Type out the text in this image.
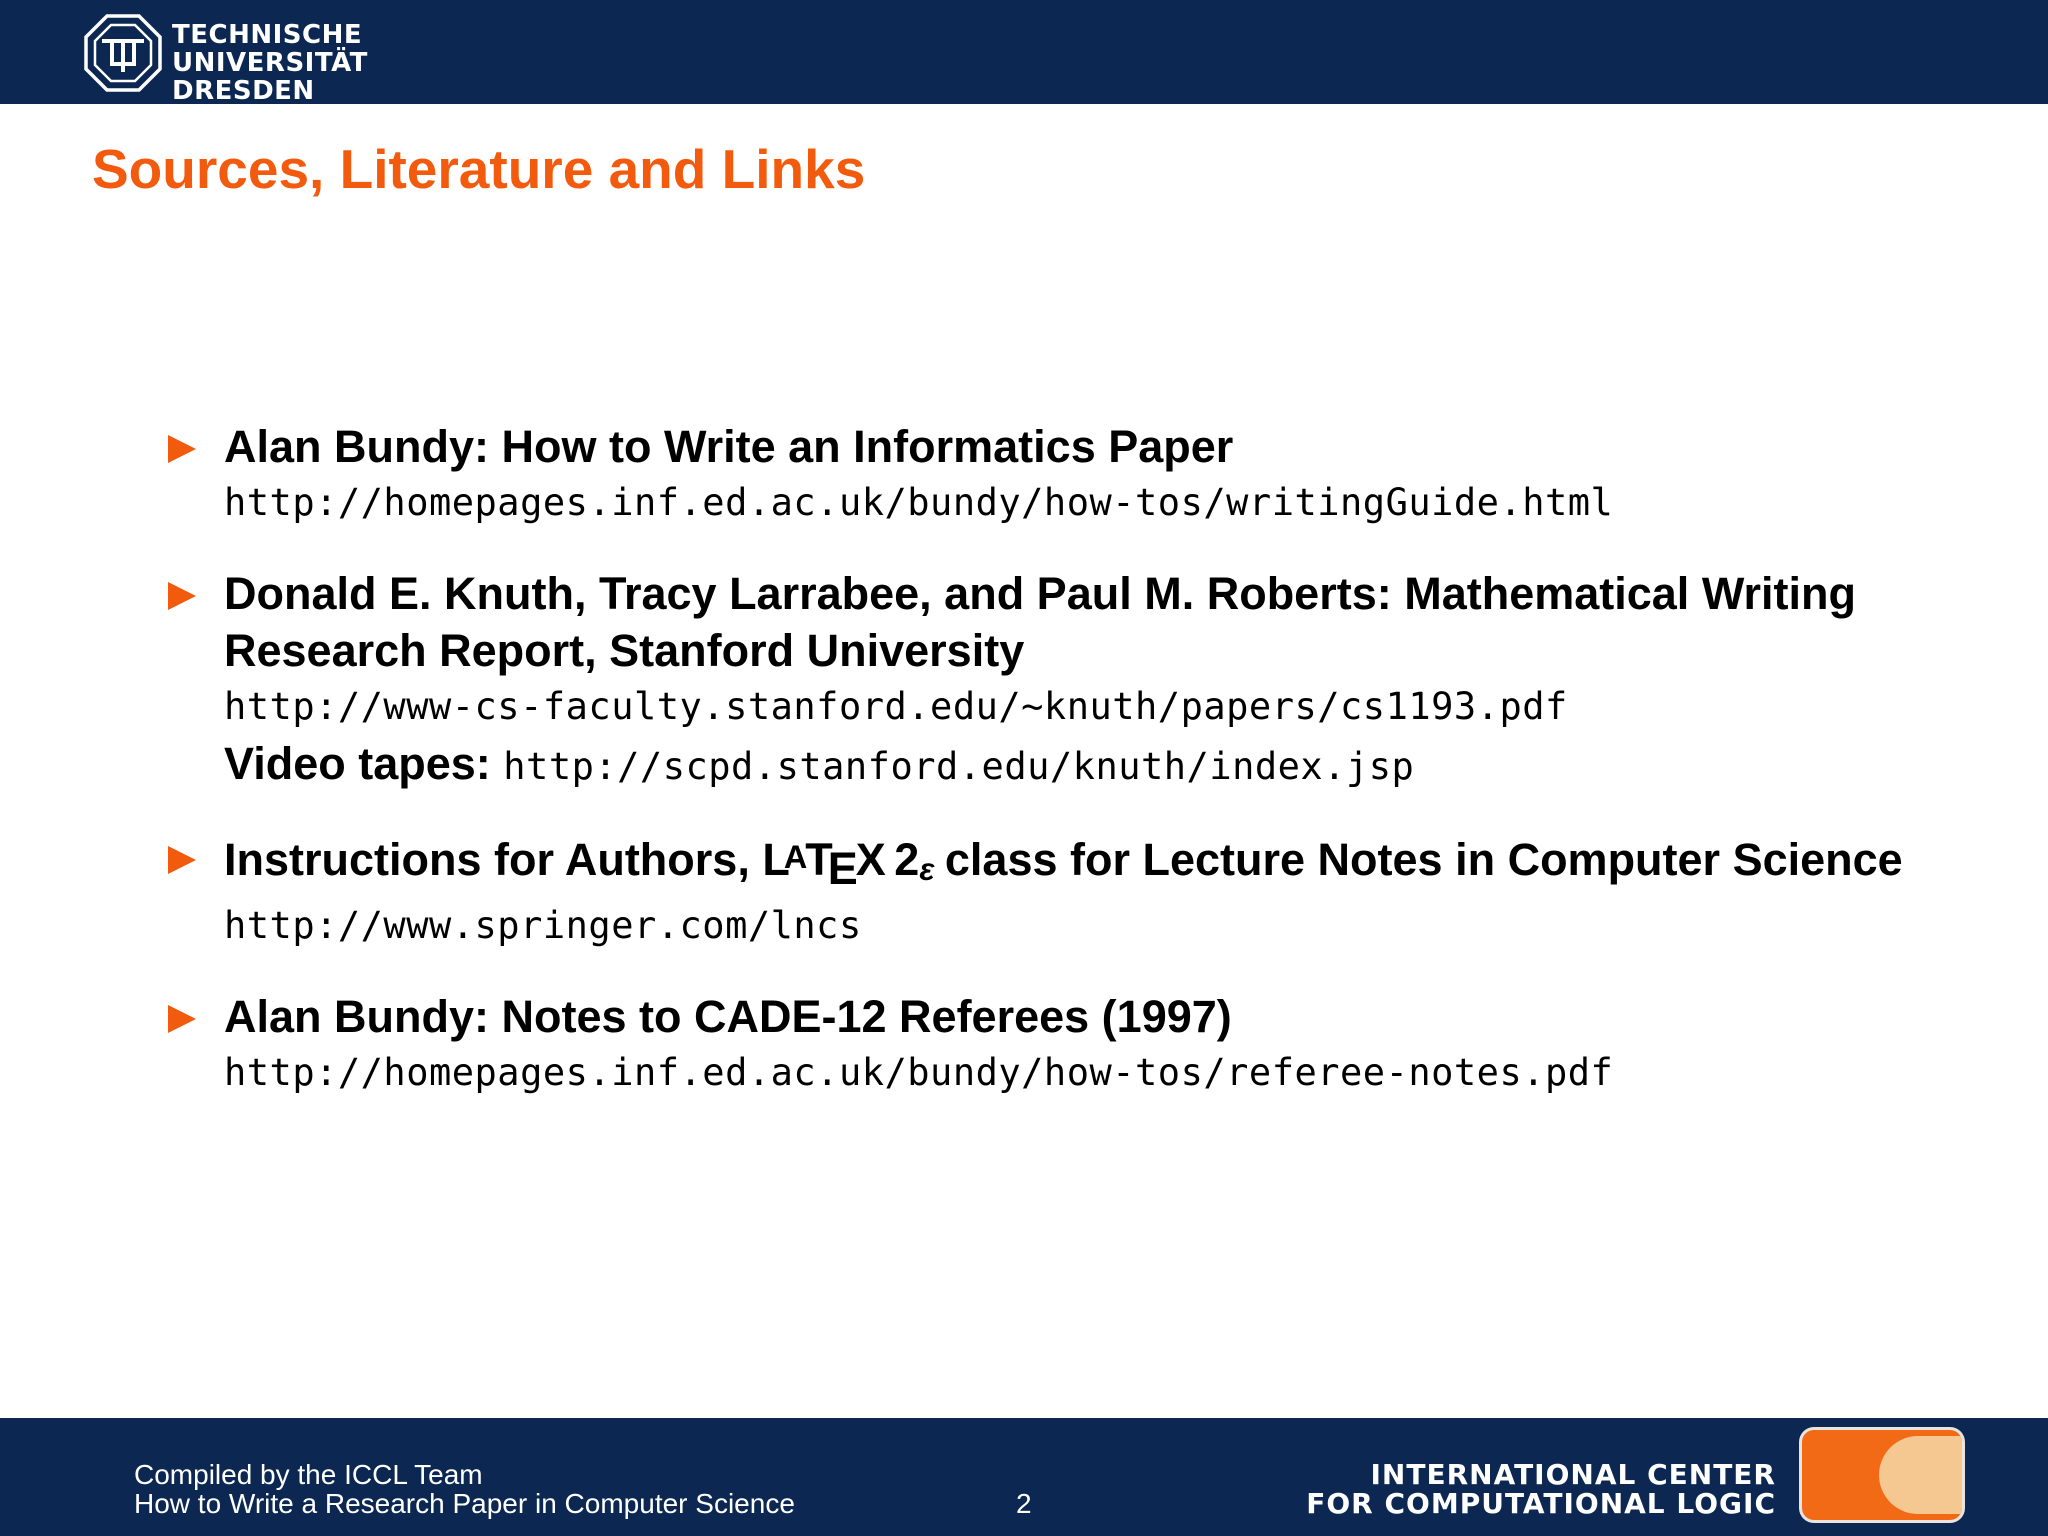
TECHNISCHE
UNIVERSITÄT
DRESDEN
Sources, Literature and Links
Alan Bundy: How to Write an Informatics Paper
http://homepages.inf.ed.ac.uk/bundy/how-tos/writingGuide.html
Donald E. Knuth, Tracy Larrabee, and Paul M. Roberts: Mathematical Writing Research Report, Stanford University
http://www-cs-faculty.stanford.edu/~knuth/papers/cs1193.pdf
Video tapes: http://scpd.stanford.edu/knuth/index.jsp
Instructions for Authors, LATEX 2ε class for Lecture Notes in Computer Science
http://www.springer.com/lncs
Alan Bundy: Notes to CADE-12 Referees (1997)
http://homepages.inf.ed.ac.uk/bundy/how-tos/referee-notes.pdf
Compiled by the ICCL Team
How to Write a Research Paper in Computer Science	2
INTERNATIONAL CENTER
FOR COMPUTATIONAL LOGIC
